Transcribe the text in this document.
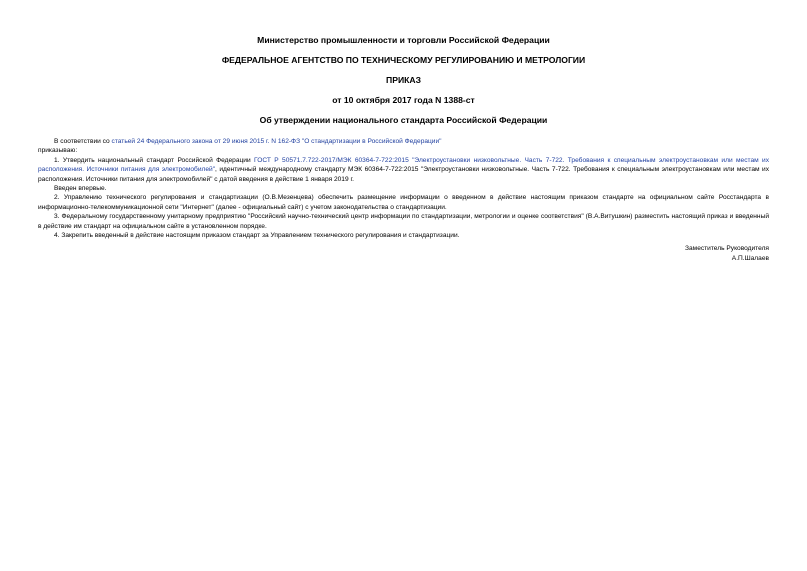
Министерство промышленности и торговли Российской Федерации

ФЕДЕРАЛЬНОЕ АГЕНТСТВО ПО ТЕХНИЧЕСКОМУ РЕГУЛИРОВАНИЮ И МЕТРОЛОГИИ

ПРИКАЗ

от 10 октября 2017 года N 1388-ст

Об утверждении национального стандарта Российской Федерации

В соответствии со статьей 24 Федерального закона от 29 июня 2015 г. N 162-ФЗ "О стандартизации в Российской Федерации"

приказываю:

1. Утвердить национальный стандарт Российской Федерации ГОСТ Р 50571.7.722-2017/МЭК 60364-7-722:2015 "Электроустановки низковольтные. Часть 7-722. Требования к специальным электроустановкам или местам их расположения. Источники питания для электромобилей", идентичный международному стандарту МЭК 60364-7-722:2015 "Электроустановки низковольтные. Часть 7-722. Требования к специальным электроустановкам или местам их расположения. Источники питания для электромобилей" с датой введения в действие 1 января 2019 г.

Введен впервые.

2. Управлению технического регулирования и стандартизации (О.В.Мезенцева) обеспечить размещение информации о введенном в действие настоящим приказом стандарте на официальном сайте Росстандарта в информационно-телекоммуникационной сети "Интернет" (далее - официальный сайт) с учетом законодательства о стандартизации.

3. Федеральному государственному унитарному предприятию "Российский научно-технический центр информации по стандартизации, метрологии и оценке соответствия" (В.А.Витушкин) разместить настоящий приказ и введенный в действие им стандарт на официальном сайте в установленном порядке.

4. Закрепить введенный в действие настоящим приказом стандарт за Управлением технического регулирования и стандартизации.

Заместитель Руководителя
А.П.Шалаев
